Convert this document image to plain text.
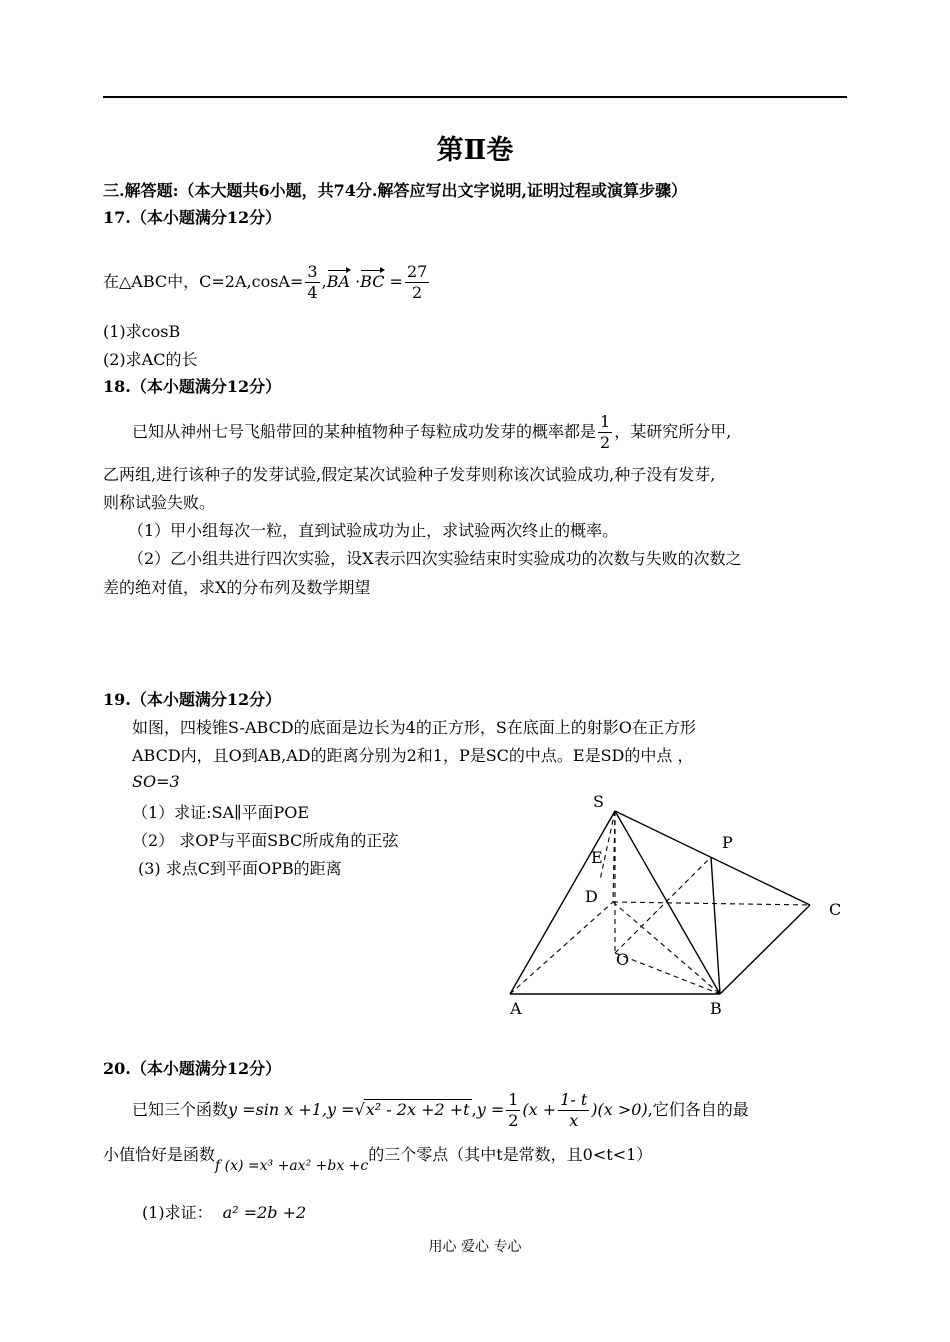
第Ⅱ卷
三.解答题:（本大题共6小题，共74分.解答应写出文字说明,证明过程或演算步骤）
17.（本小题满分12分）
在△ABC中，$C=2A,\cos A= \frac{3}{4} ,BA \cdot BC = \frac{27}{2}$
(1)求cosB
(2)求AC的长
18.（本小题满分12分）
已知从神州七号飞船带回的某种植物种子每粒成功发芽的概率都是 $\frac{1}{2}$ ，某研究所分甲,
乙两组,进行该种子的发芽试验,假定某次试验种子发芽则称该次试验成功,种子没有发芽,
则称试验失败。
（1）甲小组每次一粒，直到试验成功为止，求试验两次终止的概率。
（2）乙小组共进行四次实验，设X表示四次实验结束时实验成功的次数与失败的次数之
差的绝对值，求X的分布列及数学期望
19.（本小题满分12分）
如图，四棱锥S-ABCD的底面是边长为4的正方形，S在底面上的射影O在正方形
ABCD内，且O到AB,AD的距离分别为2和1，P是SC的中点。E是SD的中点 ，
SO=3
（1）求证:SA∥平面POE
（2） 求OP与平面SBC所成角的正弦
(3) 求点C到平面OPB的距离
S
P
E
D
C
O
A	B
20.（本小题满分12分）
已知三个函数y =sin x +1,y =√x² - 2x +2 +t $,y = \frac{1}{2} (x + \frac{1- t}{x} )(x >0)$,它们各自的最
小值恰好是函数f (x) =x³ +ax² +bx +c的三个零点（其中t是常数，且0<t<1）
(1)求证： a² =2b +2
用心 爱心 专心
